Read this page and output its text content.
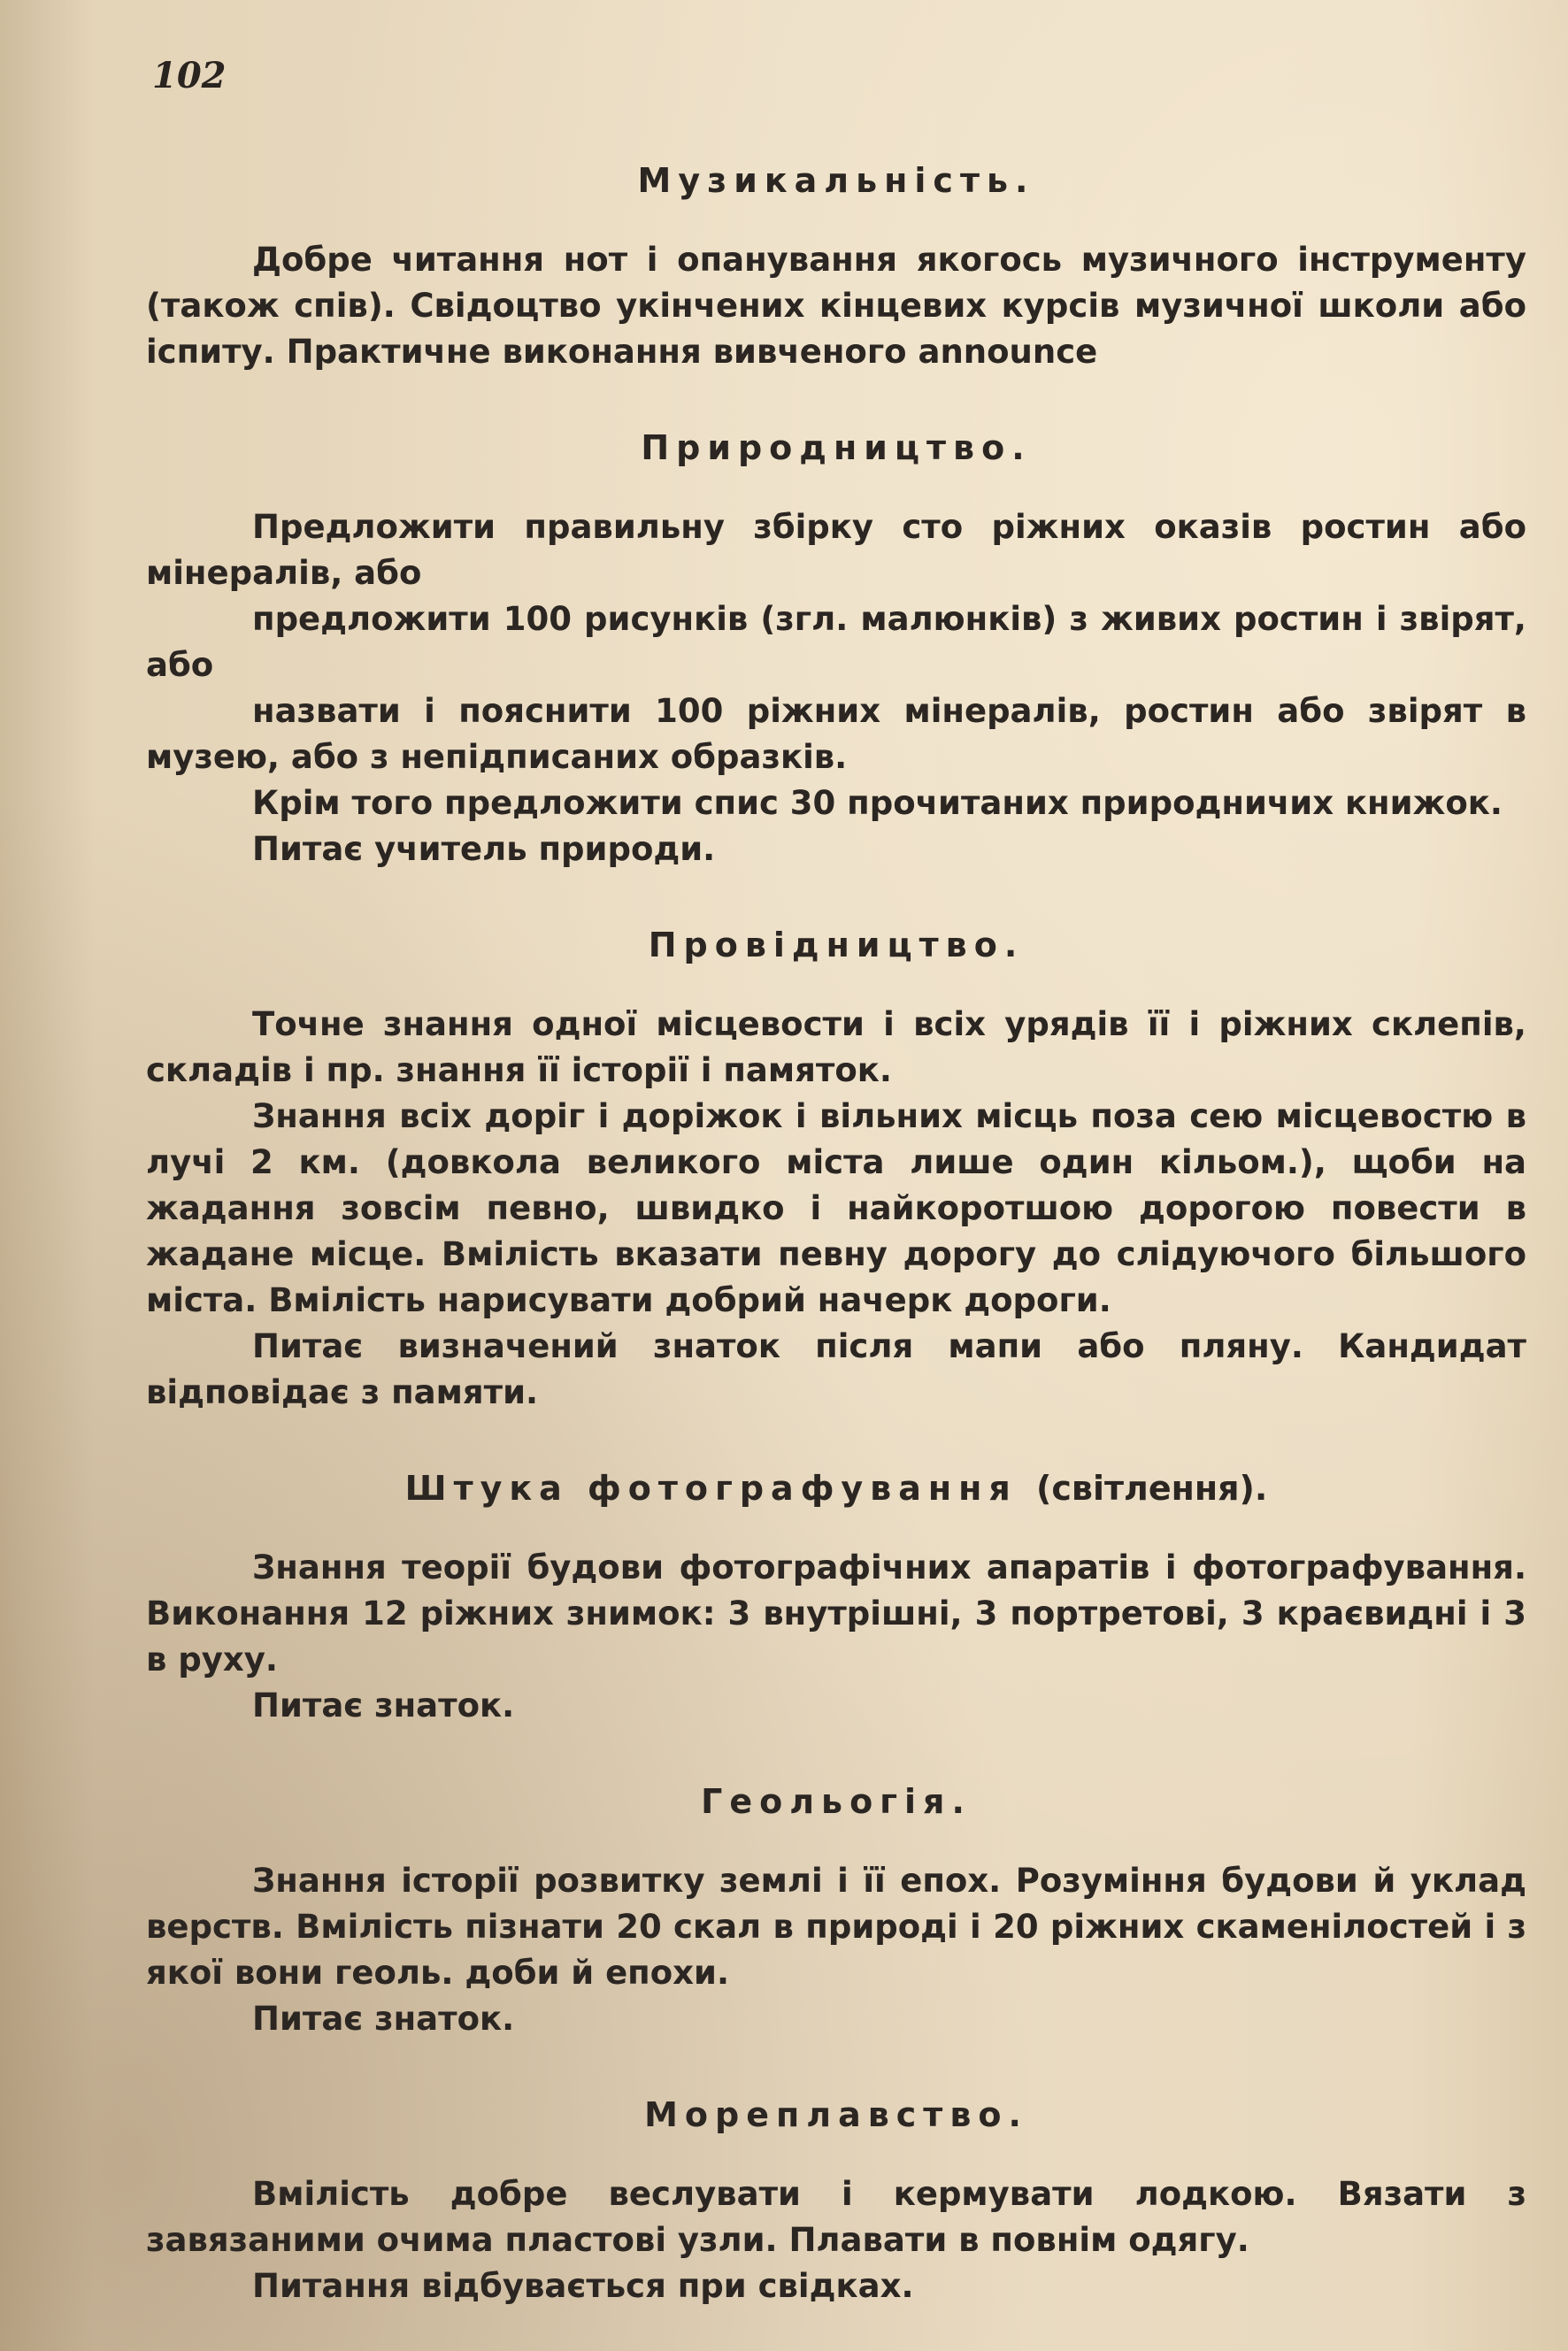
102
Музикальність.

Добре читання нот і опанування якогось музичного інструменту (також спів). Свідоцтво укінчених кінцевих курсів музичної школи або іспиту. Практичне виконання вивченого announce

Природництво.

Предложити правильну збірку сто ріжних оказів ростин або мінералів, або

предложити 100 рисунків (згл. малюнків) з живих ростин і звірят, або

назвати і пояснити 100 ріжних мінералів, ростин або звірят в музею, або з непідписаних образків.

Крім того предложити спис 30 прочитаних природничих книжок.

Питає учитель природи.

Провідництво.

Точне знання одної місцевости і всіх урядів її і ріжних склепів, складів і пр. знання її історії і памяток.

Знання всіх доріг і доріжок і вільних місць поза сею місцевостю в лучі 2 км. (довкола великого міста лише один кільом.), щоби на жадання зовсім певно, швидко і найкоротшою дорогою повести в жадане місце. Вміліcть вказати певну дорогу до слідуючого більшого міста. Вміліcть нарисувати добрий начерк дороги.

Питає визначений знаток після мапи або пляну. Кандидат відповідає з памяти.

Штука фотографування (світлення).

Знання теорії будови фотографічних апаратів і фотографування. Виконання 12 ріжних знимок: 3 внутрішні, 3 портретові, 3 краєвидні і 3 в руху.

Питає знаток.

Геольогія.

Знання історії розвитку землі і її епох. Розуміння будови й уклад верств. Вміліcть пізнати 20 скал в природі і 20 ріжних скам​енілостей і з якої вони геоль. доби й епохи.

Питає знаток.

Мореплавство.

Вміліcть добре веслувати і кермувати лодкою. Вязати з завязаними очима пластові узли. Плавати в повнім одягу.

Питання відбувається при свідках.
